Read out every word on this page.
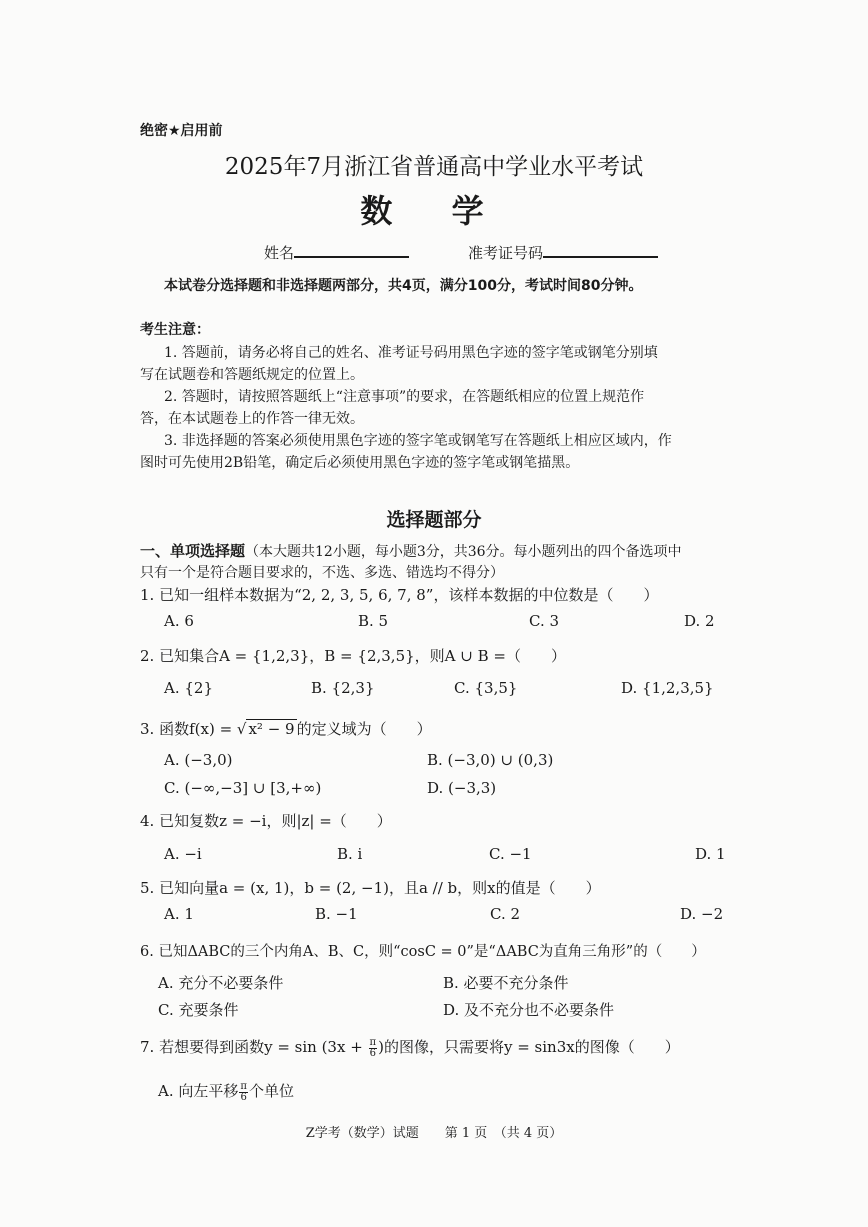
绝密★启用前
2025年7月浙江省普通高中学业水平考试
数 学
姓名	准考证号码
本试卷分选择题和非选择题两部分，共4页，满分100分，考试时间80分钟。
考生注意：
1. 答题前，请务必将自己的姓名、准考证号码用黑色字迹的签字笔或钢笔分别填
写在试题卷和答题纸规定的位置上。
2. 答题时，请按照答题纸上“注意事项”的要求，在答题纸相应的位置上规范作
答，在本试题卷上的作答一律无效。
3. 非选择题的答案必须使用黑色字迹的签字笔或钢笔写在答题纸上相应区域内，作
图时可先使用2B铅笔，确定后必须使用黑色字迹的签字笔或钢笔描黑。
选择题部分
一、单项选择题（本大题共12小题，每小题3分，共36分。每小题列出的四个备选项中
只有一个是符合题目要求的，不选、多选、错选均不得分）
1. 已知一组样本数据为“2, 2, 3, 5, 6, 7, 8”，该样本数据的中位数是（　　）
A. 6	B. 5	C. 3	D. 2
2. 已知集合A = {1,2,3}，B = {2,3,5}，则A ∪ B =（　　）
A. {2}	B. {2,3}	C. {3,5}	D. {1,2,3,5}
3. 函数f(x) = √ x² − 9 的定义域为（　　）
A. (−3,0)	B. (−3,0) ∪ (0,3)
C. (−∞,−3] ∪ [3,+∞)	D. (−3,3)
4. 已知复数z = −i，则|z| =（　　）
A. −i	B. i	C. −1	D. 1
5. 已知向量a = (x, 1)，b = (2, −1)，且a // b，则x的值是（　　）
A. 1	B. −1	C. 2	D. −2
6. 已知ΔABC的三个内角A、B、C，则“cosC = 0”是“ΔABC为直角三角形”的（　　）
A. 充分不必要条件	B. 必要不充分条件
C. 充要条件	D. 及不充分也不必要条件
7. 若想要得到函数$y = \sin (3x + \frac{\pi}{6}$ )的图像，只需要将y = sin3x的图像（　　）
A. 向左平移 $\frac{\pi}{6}$ 个单位
Z学考（数学）试题　　第 1 页　（共 4 页）
